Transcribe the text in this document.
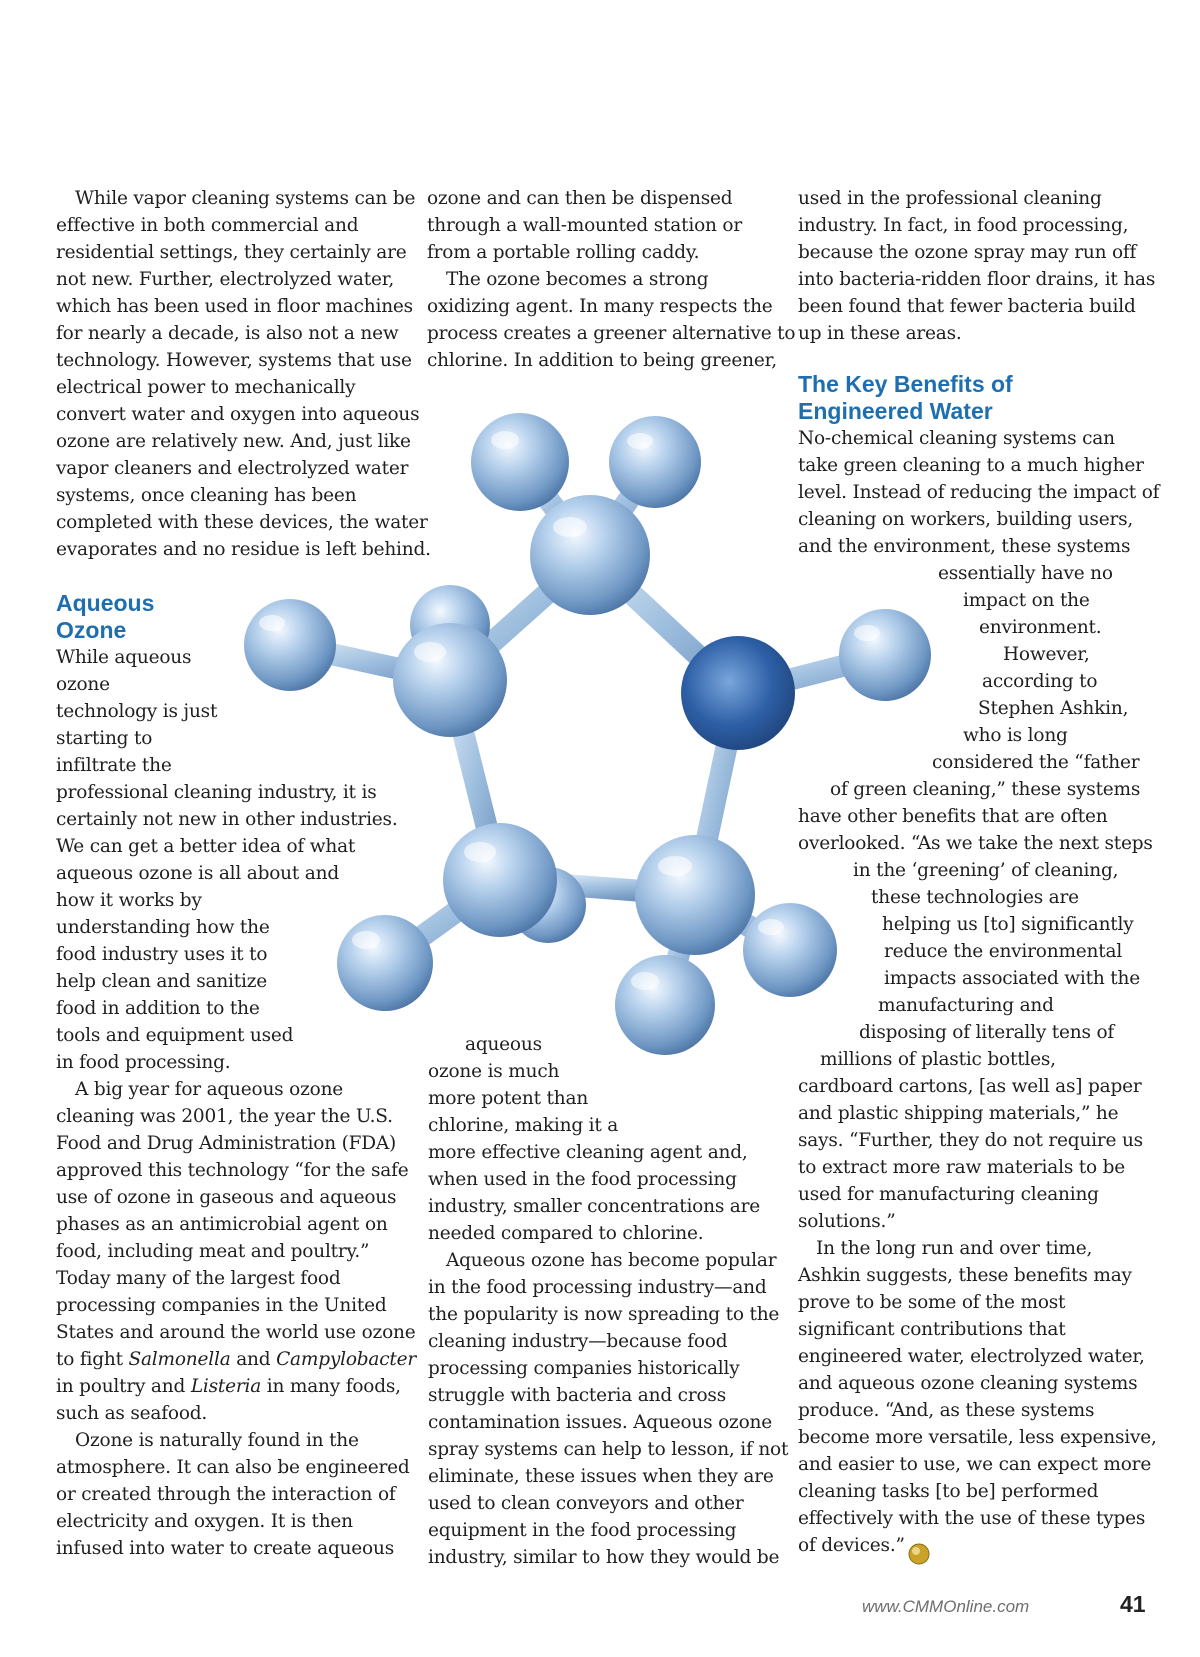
While vapor cleaning systems can be
effective in both commercial and
residential settings, they certainly are
not new. Further, electrolyzed water,
which has been used in floor machines
for nearly a decade, is also not a new
technology. However, systems that use
electrical power to mechanically
convert water and oxygen into aqueous
ozone are relatively new. And, just like
vapor cleaners and electrolyzed water
systems, once cleaning has been
completed with these devices, the water
evaporates and no residue is left behind.
While aqueous
ozone
technology is just
starting to
infiltrate the
professional cleaning industry, it is
certainly not new in other industries.
We can get a better idea of what
aqueous ozone is all about and
how it works by
understanding how the
food industry uses it to
help clean and sanitize
food in addition to the
tools and equipment used
in food processing.
A big year for aqueous ozone
cleaning was 2001, the year the U.S.
Food and Drug Administration (FDA)
approved this technology “for the safe
use of ozone in gaseous and aqueous
phases as an antimicrobial agent on
food, including meat and poultry.”
Today many of the largest food
processing companies in the United
States and around the world use ozone
to fight Salmonella and Campylobacter
in poultry and Listeria in many foods,
such as seafood.
Ozone is naturally found in the
atmosphere. It can also be engineered
or created through the interaction of
electricity and oxygen. It is then
infused into water to create aqueous
ozone and can then be dispensed
through a wall-mounted station or
from a portable rolling caddy.
The ozone becomes a strong
oxidizing agent. In many respects the
process creates a greener alternative to
chlorine. In addition to being greener,
aqueous
ozone is much
more potent than
chlorine, making it a
more effective cleaning agent and,
when used in the food processing
industry, smaller concentrations are
needed compared to chlorine.
Aqueous ozone has become popular
in the food processing industry—and
the popularity is now spreading to the
cleaning industry—because food
processing companies historically
struggle with bacteria and cross
contamination issues. Aqueous ozone
spray systems can help to lesson, if not
eliminate, these issues when they are
used to clean conveyors and other
equipment in the food processing
industry, similar to how they would be
used in the professional cleaning
industry. In fact, in food processing,
because the ozone spray may run off
into bacteria-ridden floor drains, it has
been found that fewer bacteria build
up in these areas.
No-chemical cleaning systems can
take green cleaning to a much higher
level. Instead of reducing the impact of
cleaning on workers, building users,
and the environment, these systems
essentially have no
impact on the
environment.
However,
according to
Stephen Ashkin,
who is long
considered the “father
of green cleaning,” these systems
have other benefits that are often
overlooked. “As we take the next steps
in the ‘greening’ of cleaning,
these technologies are
helping us [to] significantly
reduce the environmental
impacts associated with the
manufacturing and
disposing of literally tens of
millions of plastic bottles,
cardboard cartons, [as well as] paper
and plastic shipping materials,” he
says. “Further, they do not require us
to extract more raw materials to be
used for manufacturing cleaning
solutions.”
In the long run and over time,
Ashkin suggests, these benefits may
prove to be some of the most
significant contributions that
engineered water, electrolyzed water,
and aqueous ozone cleaning systems
produce. “And, as these systems
become more versatile, less expensive,
and easier to use, we can expect more
cleaning tasks [to be] performed
effectively with the use of these types
of devices.”
Aqueous
Ozone
The Key Benefits of
Engineered Water
www.CMMOnline.com	41
